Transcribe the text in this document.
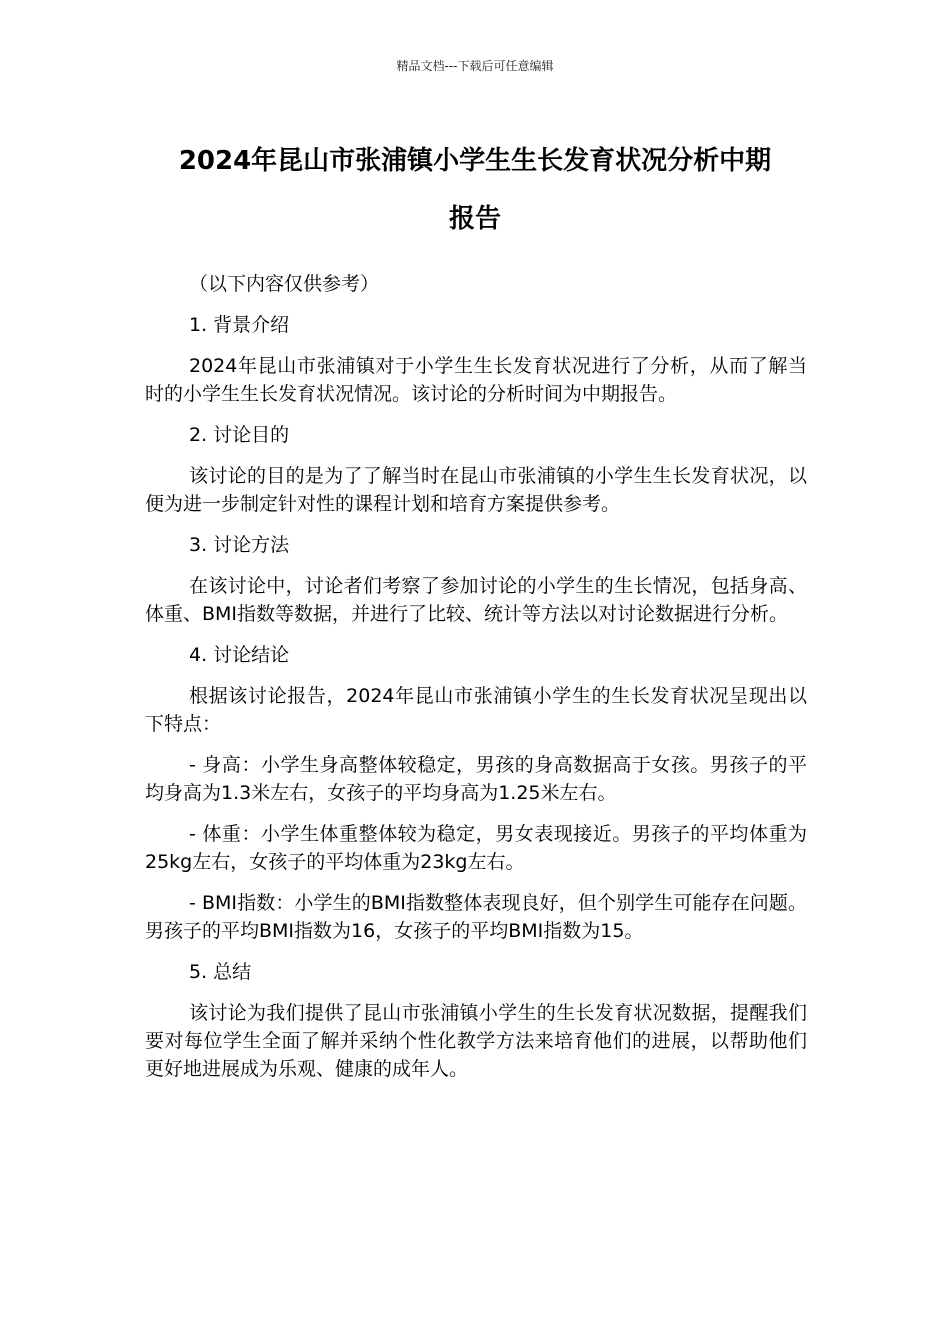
精品文档---下载后可任意编辑
2024年昆山市张浦镇小学生生长发育状况分析中期
报告

（以下内容仅供参考）

1. 背景介绍

2024年昆山市张浦镇对于小学生生长发育状况进行了分析，从而了解当时的小学生生长发育状况情况。该讨论的分析时间为中期报告。

2. 讨论目的

该讨论的目的是为了了解当时在昆山市张浦镇的小学生生长发育状况，以便为进一步制定针对性的课程计划和培育方案提供参考。

3. 讨论方法

在该讨论中，讨论者们考察了参加讨论的小学生的生长情况，包括身高、体重、BMI指数等数据，并进行了比较、统计等方法以对讨论数据进行分析。

4. 讨论结论

根据该讨论报告，2024年昆山市张浦镇小学生的生长发育状况呈现出以下特点：

- 身高：小学生身高整体较稳定，男孩的身高数据高于女孩。男孩子的平均身高为1.3米左右，女孩子的平均身高为1.25米左右。

- 体重：小学生体重整体较为稳定，男女表现接近。男孩子的平均体重为25kg左右，女孩子的平均体重为23kg左右。

- BMI指数：小学生的BMI指数整体表现良好，但个别学生可能存在问题。男孩子的平均BMI指数为16，女孩子的平均BMI指数为15。

5. 总结

该讨论为我们提供了昆山市张浦镇小学生的生长发育状况数据，提醒我们要对每位学生全面了解并采纳个性化教学方法来培育他们的进展，以帮助他们更好地进展成为乐观、健康的成年人。
